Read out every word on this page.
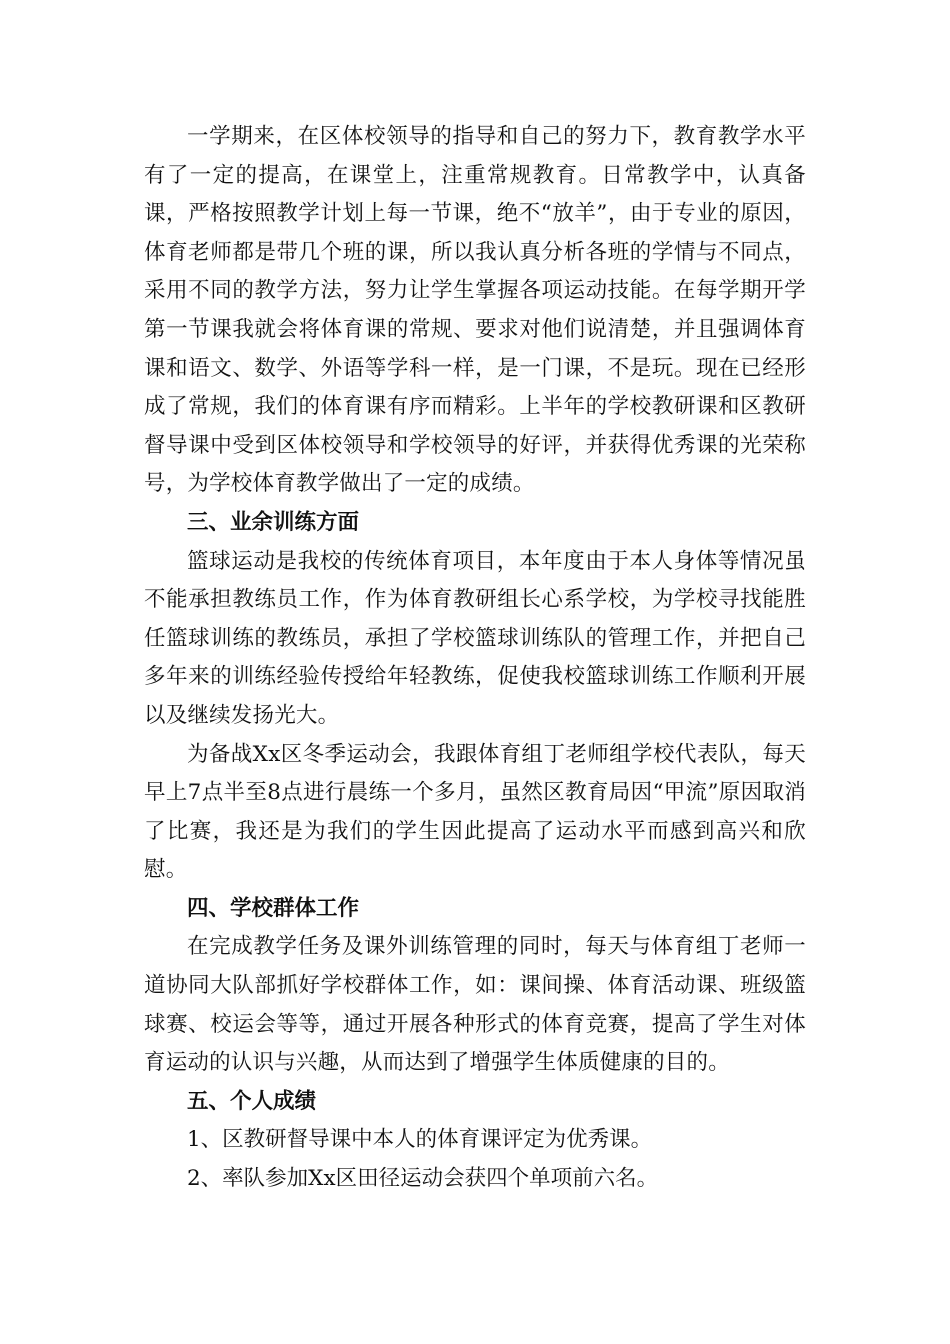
一学期来，在区体校领导的指导和自己的努力下，教育教学水平有了一定的提高，在课堂上，注重常规教育。日常教学中，认真备课，严格按照教学计划上每一节课，绝不“放羊”，由于专业的原因，体育老师都是带几个班的课，所以我认真分析各班的学情与不同点，采用不同的教学方法，努力让学生掌握各项运动技能。在每学期开学第一节课我就会将体育课的常规、要求对他们说清楚，并且强调体育课和语文、数学、外语等学科一样，是一门课，不是玩。现在已经形成了常规，我们的体育课有序而精彩。上半年的学校教研课和区教研督导课中受到区体校领导和学校领导的好评，并获得优秀课的光荣称号，为学校体育教学做出了一定的成绩。

三、业余训练方面

篮球运动是我校的传统体育项目，本年度由于本人身体等情况虽不能承担教练员工作，作为体育教研组长心系学校，为学校寻找能胜任篮球训练的教练员，承担了学校篮球训练队的管理工作，并把自己多年来的训练经验传授给年轻教练，促使我校篮球训练工作顺利开展以及继续发扬光大。

为备战Xx区冬季运动会，我跟体育组丁老师组学校代表队，每天早上7点半至8点进行晨练一个多月，虽然区教育局因“甲流”原因取消了比赛，我还是为我们的学生因此提高了运动水平而感到高兴和欣慰。

四、学校群体工作

在完成教学任务及课外训练管理的同时，每天与体育组丁老师一道协同大队部抓好学校群体工作，如：课间操、体育活动课、班级篮球赛、校运会等等，通过开展各种形式的体育竞赛，提高了学生对体育运动的认识与兴趣，从而达到了增强学生体质健康的目的。

五、个人成绩

1、区教研督导课中本人的体育课评定为优秀课。

2、率队参加Xx区田径运动会获四个单项前六名。
